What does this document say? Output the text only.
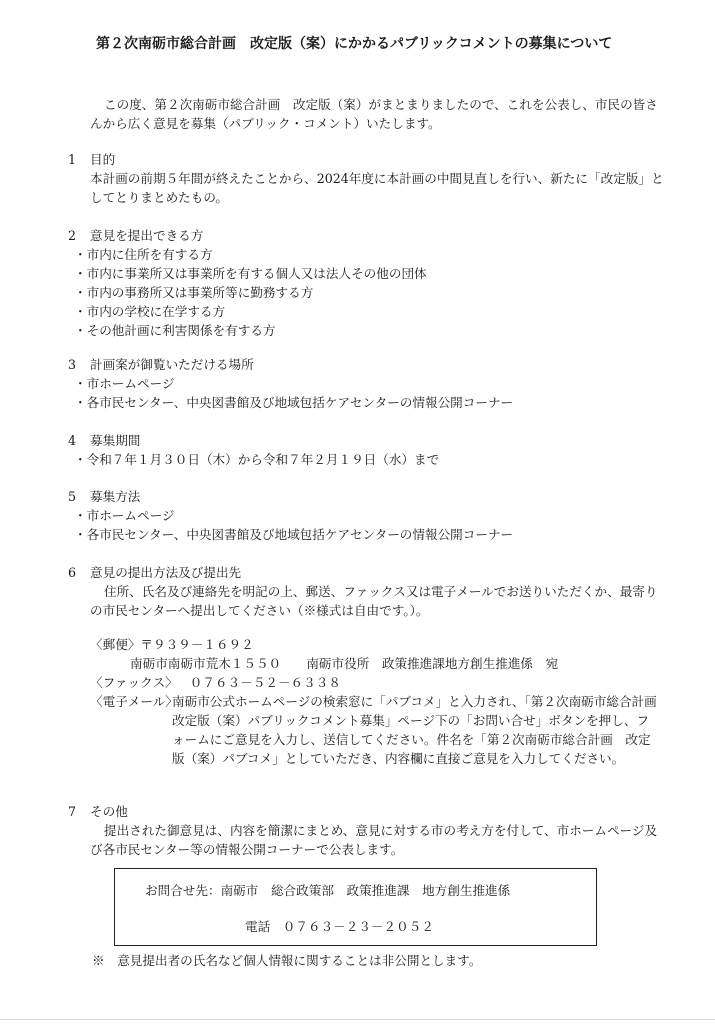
第２次南砺市総合計画　改定版（案）にかかるパブリックコメントの募集について

この度、第２次南砺市総合計画　改定版（案）がまとまりましたので、これを公表し、市民の皆さんから広く意見を募集（パブリック・コメント）いたします。

1	目的
本計画の前期５年間が終えたことから、2024年度に本計画の中間見直しを行い、新たに「改定版」としてとりまとめたもの。
2	意見を提出できる方
・ 市内に住所を有する方
・ 市内に事業所又は事業所を有する個人又は法人その他の団体
・ 市内の事務所又は事業所等に勤務する方
・ 市内の学校に在学する方
・ その他計画に利害関係を有する方
3	計画案が御覧いただける場所
・ 市ホームページ
・ 各市民センター、中央図書館及び地域包括ケアセンターの情報公開コーナー
4	募集期間
・ 令和７年１月３０日（木）から令和７年２月１９日（水）まで
5	募集方法
・ 市ホームページ
・ 各市民センター、中央図書館及び地域包括ケアセンターの情報公開コーナー
6	意見の提出方法及び提出先
住所、氏名及び連絡先を明記の上、郵送、ファックス又は電子メールでお送りいただくか、最寄りの市民センターへ提出してください（※様式は自由です。）。
〈郵便〉 〒９３９－１６９２
南砺市南砺市荒木１５５０　　南砺市役所　政策推進課地方創生推進係　宛
〈ファックス〉 ０７６３－５２－６３３８
〈電子メール〉
南砺市公式ホームページの検索窓に「パブコメ」と入力され、「第２次南砺市総合計画　改定版（案）パブリックコメント募集」ページ下の「お問い合せ」ボタンを押し、フォームにご意見を入力し、送信してください。件名を「第２次南砺市総合計画　改定版（案）パブコメ」としていただき、内容欄に直接ご意見を入力してください。
7	その他
提出された御意見は、内容を簡潔にまとめ、意見に対する市の考え方を付して、市ホームページ及び各市民センター等の情報公開コーナーで公表します。
お問合せ先：南砺市　総合政策部　政策推進課　地方創生推進係
電話　０７６３－２３－２０５２
※　意見提出者の氏名など個人情報に関することは非公開とします。
